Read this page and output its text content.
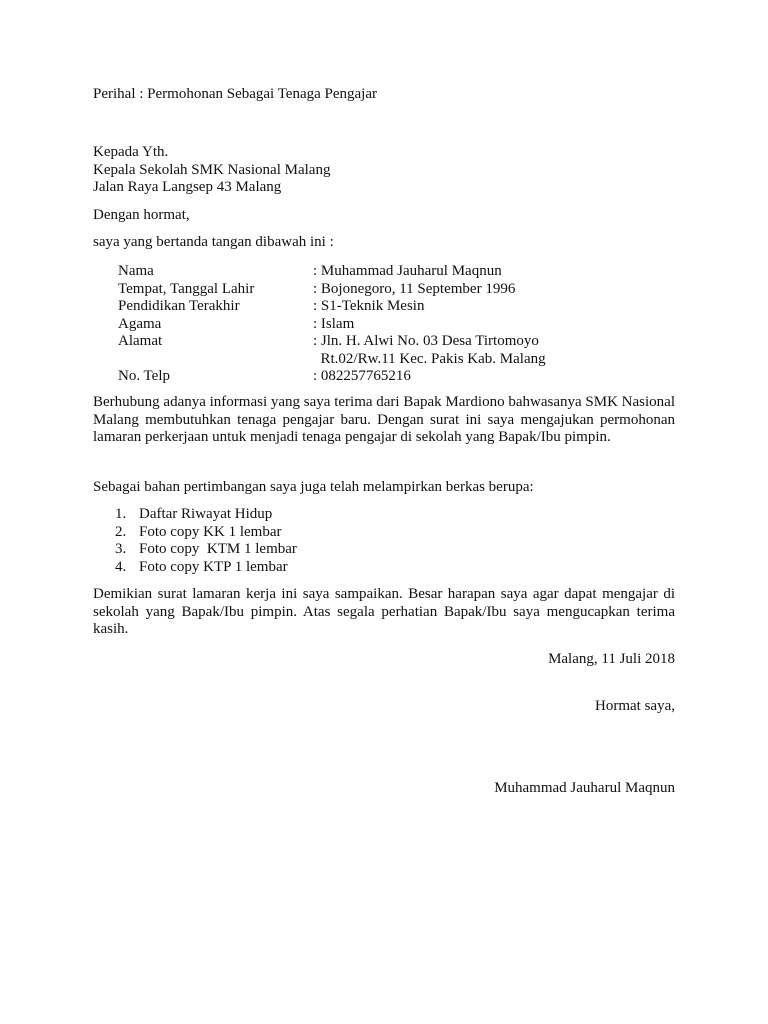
Perihal : Permohonan Sebagai Tenaga Pengajar
Kepada Yth.
Kepala Sekolah SMK Nasional Malang
Jalan Raya Langsep 43 Malang
Dengan hormat,
saya yang bertanda tangan dibawah ini :
Nama	: Muhammad Jauharul Maqnun
Tempat, Tanggal Lahir	: Bojonegoro, 11 September 1996
Pendidikan Terakhir	: S1-Teknik Mesin
Agama	: Islam
Alamat	: Jln. H. Alwi No. 03 Desa Tirtomoyo
Rt.02/Rw.11 Kec. Pakis Kab. Malang
No. Telp	: 082257765216
Berhubung adanya informasi yang saya terima dari Bapak Mardiono bahwasanya SMK Nasional Malang membutuhkan tenaga pengajar baru. Dengan surat ini saya mengajukan permohonan lamaran perkerjaan untuk menjadi tenaga pengajar di sekolah yang Bapak/Ibu pimpin.
Sebagai bahan pertimbangan saya juga telah melampirkan berkas berupa:
1. Daftar Riwayat Hidup
2. Foto copy KK 1 lembar
3. Foto copy  KTM 1 lembar
4. Foto copy KTP 1 lembar
Demikian surat lamaran kerja ini saya sampaikan. Besar harapan saya agar dapat mengajar di sekolah yang Bapak/Ibu pimpin. Atas segala perhatian Bapak/Ibu saya mengucapkan terima kasih.
Malang, 11 Juli 2018
Hormat saya,
Muhammad Jauharul Maqnun
